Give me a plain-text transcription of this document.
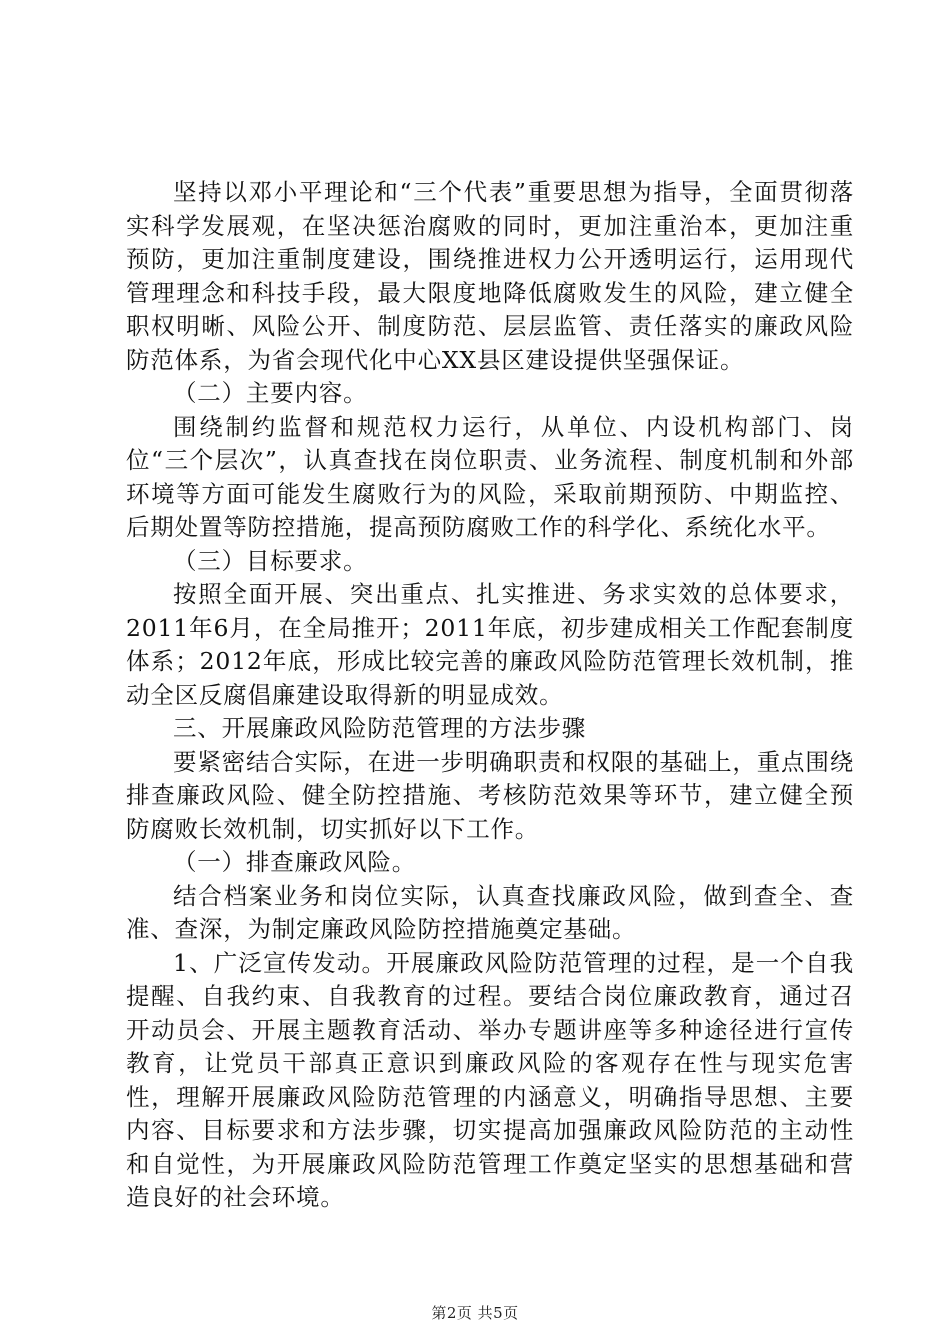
坚持以邓小平理论和“三个代表”重要思想为指导，全面贯彻落实科学发展观，在坚决惩治腐败的同时，更加注重治本，更加注重预防，更加注重制度建设，围绕推进权力公开透明运行，运用现代管理理念和科技手段，最大限度地降低腐败发生的风险，建立健全职权明晰、风险公开、制度防范、层层监管、责任落实的廉政风险防范体系，为省会现代化中心XX县区建设提供坚强保证。

（二）主要内容。

围绕制约监督和规范权力运行，从单位、内设机构部门、岗位“三个层次”，认真查找在岗位职责、业务流程、制度机制和外部环境等方面可能发生腐败行为的风险，采取前期预防、中期监控、后期处置等防控措施，提高预防腐败工作的科学化、系统化水平。

（三）目标要求。

按照全面开展、突出重点、扎实推进、务求实效的总体要求，2011年6月，在全局推开；2011年底，初步建成相关工作配套制度体系；2012年底，形成比较完善的廉政风险防范管理长效机制，推动全区反腐倡廉建设取得新的明显成效。

三、开展廉政风险防范管理的方法步骤

要紧密结合实际，在进一步明确职责和权限的基础上，重点围绕排查廉政风险、健全防控措施、考核防范效果等环节，建立健全预防腐败长效机制，切实抓好以下工作。

（一）排查廉政风险。

结合档案业务和岗位实际，认真查找廉政风险，做到查全、查准、查深，为制定廉政风险防控措施奠定基础。

1、广泛宣传发动。开展廉政风险防范管理的过程，是一个自我提醒、自我约束、自我教育的过程。要结合岗位廉政教育，通过召开动员会、开展主题教育活动、举办专题讲座等多种途径进行宣传教育，让党员干部真正意识到廉政风险的客观存在性与现实危害性，理解开展廉政风险防范管理的内涵意义，明确指导思想、主要内容、目标要求和方法步骤，切实提高加强廉政风险防范的主动性和自觉性，为开展廉政风险防范管理工作奠定坚实的思想基础和营造良好的社会环境。

第2页 共5页
